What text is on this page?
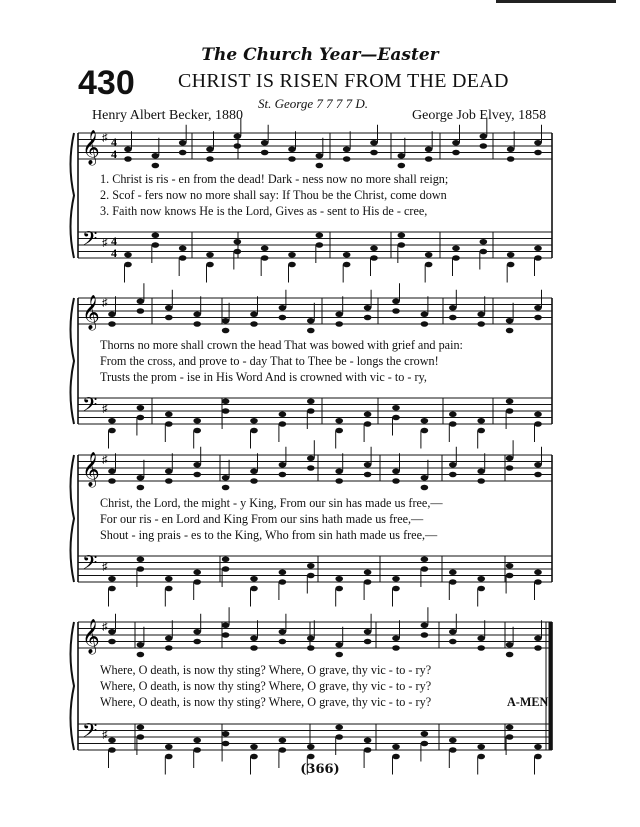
The Church Year—Easter
430 CHRIST IS RISEN FROM THE DEAD
Henry Albert Becker, 1880
St. George 7 7 7 7 D.
George Job Elvey, 1858
𝄞
𝄢
♯
♯
4
4
4
4
𝄞
𝄢
♯
♯
𝄞
𝄢
♯
♯
𝄞
𝄢
♯
♯
1. Christ is ris - en from the dead! Dark - ness now no more shall reign;
2. Scof - fers now no more shall say: If Thou be the Christ, come down
3. Faith now knows He is the Lord, Gives as - sent to His de - cree,
Thorns no more shall crown the head That was bowed with grief and pain:
From the cross, and prove to - day That to Thee be - longs the crown!
Trusts the prom - ise in His Word And is crowned with vic - to - ry,
Christ, the Lord, the might - y King, From our sin has made us free,—
For our ris - en Lord and King From our sins hath made us free,—
Shout - ing prais - es to the King, Who from sin hath made us free,—
Where, O death, is now thy sting? Where, O grave, thy vic - to - ry?
Where, O death, is now thy sting? Where, O grave, thy vic - to - ry?
Where, O death, is now thy sting? Where, O grave, thy vic - to - ry?	A-MEN.
(366)
